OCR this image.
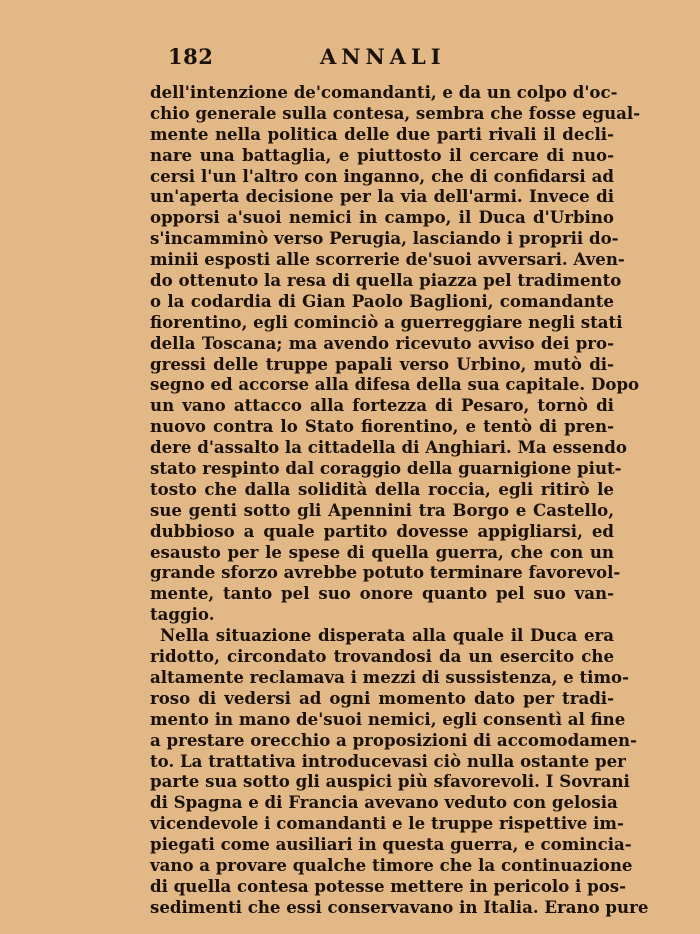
182	ANNALI
dell'intenzione de'comandanti, e da un colpo d'oc-
chio generale sulla contesa, sembra che fosse egual-
mente nella politica delle due parti rivali il decli-
nare una battaglia, e piuttosto il cercare di nuo-
cersi l'un l'altro con inganno, che di confidarsi ad
un'aperta decisione per la via dell'armi. Invece di
opporsi a'suoi nemici in campo, il Duca d'Urbino
s'incamminò verso Perugia, lasciando i proprii do-
minii esposti alle scorrerie de'suoi avversari. Aven-
do ottenuto la resa di quella piazza pel tradimento
o la codardia di Gian Paolo Baglioni, comandante
fiorentino, egli cominciò a guerreggiare negli stati
della Toscana; ma avendo ricevuto avviso dei pro-
gressi delle truppe papali verso Urbino, mutò di-
segno ed accorse alla difesa della sua capitale. Dopo
un vano attacco alla fortezza di Pesaro, tornò di
nuovo contra lo Stato fiorentino, e tentò di pren-
dere d'assalto la cittadella di Anghiari. Ma essendo
stato respinto dal coraggio della guarnigione piut-
tosto che dalla solidità della roccia, egli ritirò le
sue genti sotto gli Apennini tra Borgo e Castello,
dubbioso a quale partito dovesse appigliarsi, ed
esausto per le spese di quella guerra, che con un
grande sforzo avrebbe potuto terminare favorevol-
mente, tanto pel suo onore quanto pel suo van-
taggio.
Nella situazione disperata alla quale il Duca era
ridotto, circondato trovandosi da un esercito che
altamente reclamava i mezzi di sussistenza, e timo-
roso di vedersi ad ogni momento dato per tradi-
mento in mano de'suoi nemici, egli consentì al fine
a prestare orecchio a proposizioni di accomodamen-
to. La trattativa introducevasi ciò nulla ostante per
parte sua sotto gli auspici più sfavorevoli. I Sovrani
di Spagna e di Francia avevano veduto con gelosia
vicendevole i comandanti e le truppe rispettive im-
piegati come ausiliari in questa guerra, e comincia-
vano a provare qualche timore che la continuazione
di quella contesa potesse mettere in pericolo i pos-
sedimenti che essi conservavano in Italia. Erano pure
